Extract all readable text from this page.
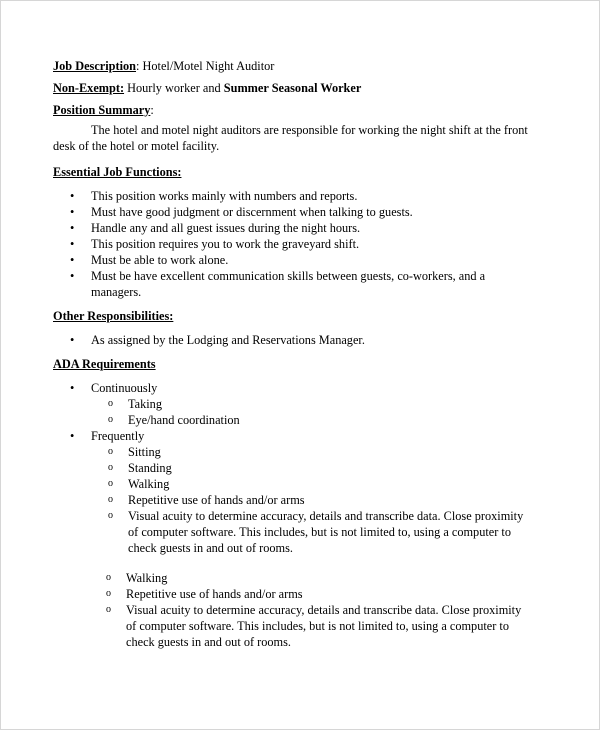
Job Description: Hotel/Motel Night Auditor
Non-Exempt: Hourly worker and Summer Seasonal Worker
Position Summary:

The hotel and motel night auditors are responsible for working the night shift at the front desk of the hotel or motel facility.

Essential Job Functions:
• This position works mainly with numbers and reports.
• Must have good judgment or discernment when talking to guests.
• Handle any and all guest issues during the night hours.
• This position requires you to work the graveyard shift.
• Must be able to work alone.
• Must be have excellent communication skills between guests, co-workers, and a managers.
Other Responsibilities:
• As assigned by the Lodging and Reservations Manager.
ADA Requirements
• Continuously
o Taking
o Eye/hand coordination
• Frequently
o Sitting
o Standing
o Walking
o Repetitive use of hands and/or arms
o Visual acuity to determine accuracy, details and transcribe data. Close proximity of computer software. This includes, but is not limited to, using a computer to check guests in and out of rooms.
o Walking
o Repetitive use of hands and/or arms
o Visual acuity to determine accuracy, details and transcribe data. Close proximity of computer software. This includes, but is not limited to, using a computer to check guests in and out of rooms.
